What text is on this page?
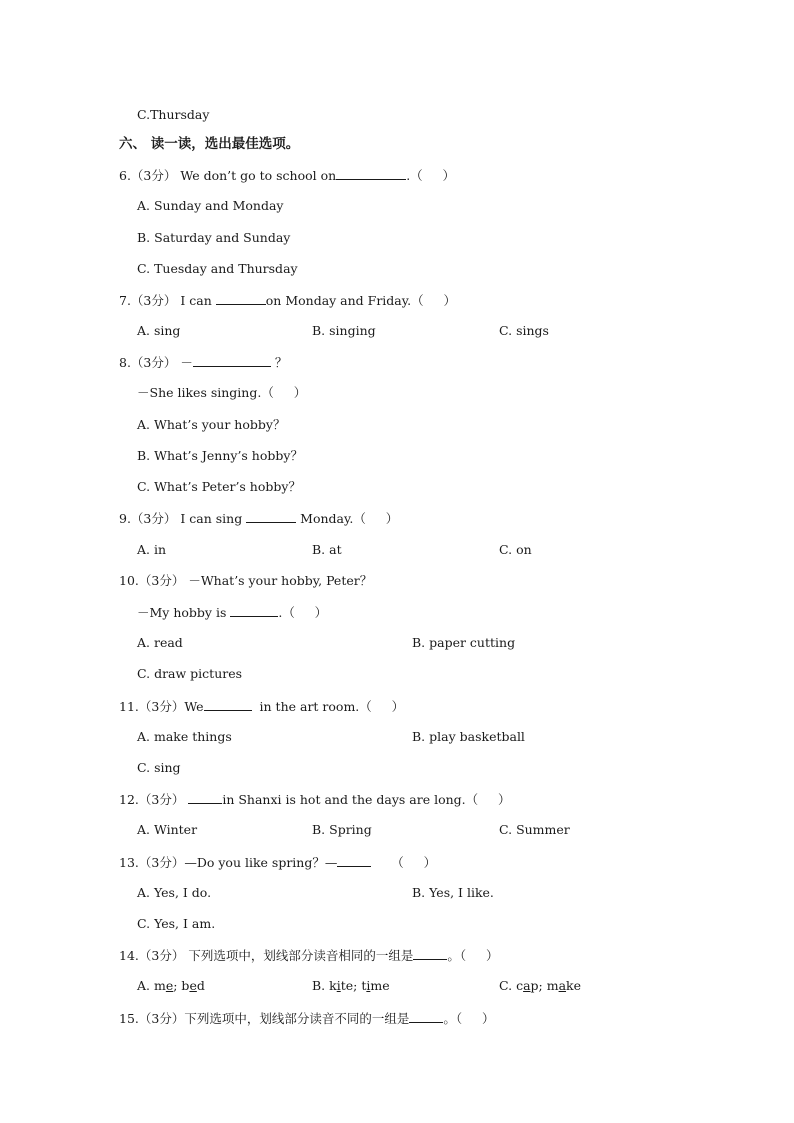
C.Thursday
六、 读一读，选出最佳选项。
6.（3分） We don’t go to school on	.（     ）
A. Sunday and Monday
B. Saturday and Sunday
C. Tuesday and Thursday
7.（3分） I can	on Monday and Friday.（     ）
A. sing	B. singing	C. sings
8.（3分） －	？
－She likes singing.（     ）
A. What’s your hobby？
B. What’s Jenny’s hobby？
C. What’s Peter’s hobby？
9.（3分） I can sing	Monday.（     ）
A. in	B. at	C. on
10.（3分） －What’s your hobby, Peter？
－My hobby is	.（     ）
A. read	B. paper cutting
C. draw pictures
11.（3分）We	in the art room.（     ）
A. make things	B. play basketball
C. sing
12.（3分）	in Shanxi is hot and the days are long.（     ）
A. Winter	B. Spring	C. Summer
13.（3分）—Do you like spring？—	（     ）
A. Yes, I do.	B. Yes, I like.
C. Yes, I am.
14.（3分） 下列选项中，划线部分读音相同的一组是	。（     ）
A. me; bed	B. kite; time	C. cap; make
15.（3分）下列选项中，划线部分读音不同的一组是	。（     ）
